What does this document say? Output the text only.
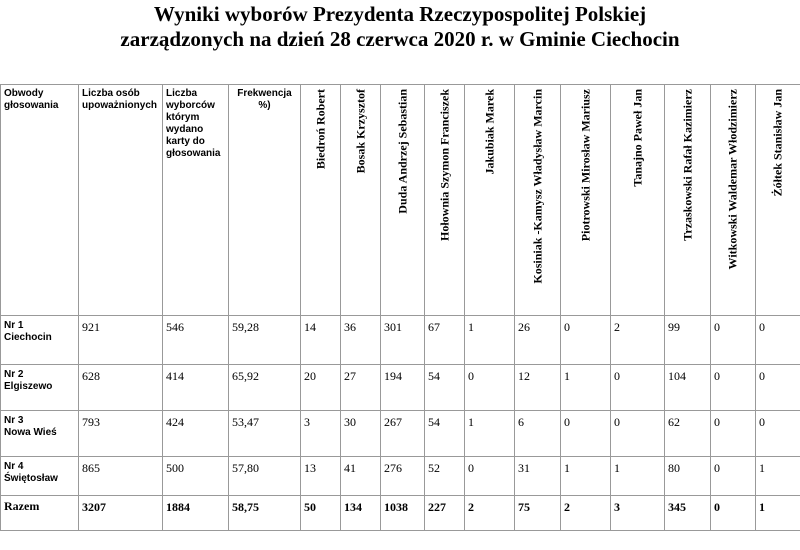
Wyniki wyborów Prezydenta Rzeczypospolitej Polskiej
zarządzonych na dzień 28 czerwca 2020 r. w Gminie Ciechocin
Obwody głosowania	Liczba osób upoważnionych	Liczba wyborców którym wydano karty do głosowania	Frekwencja %)	Biedroń Robert	Bosak Krzysztof	Duda Andrzej Sebastian	Hołownia Szymon Franciszek	Jakubiak Marek	Kosiniak -Kamysz Władysław Marcin	Piotrowski Mirosław Mariusz	Tanajno Paweł Jan	Trzaskowski Rafał Kazimierz	Witkowski Waldemar Włodzimierz	Żółtek Stanisław Jan

Nr 1
Ciechocin	921	546	59,28	14	36	301	67	1	26	0	2	99	0	0

Nr 2
Elgiszewo	628	414	65,92	20	27	194	54	0	12	1	0	104	0	0

Nr 3
Nowa Wieś	793	424	53,47	3	30	267	54	1	6	0	0	62	0	0

Nr 4
Świętosław	865	500	57,80	13	41	276	52	0	31	1	1	80	0	1
Razem	3207	1884	58,75	50	134	1038	227	2	75	2	3	345	0	1
